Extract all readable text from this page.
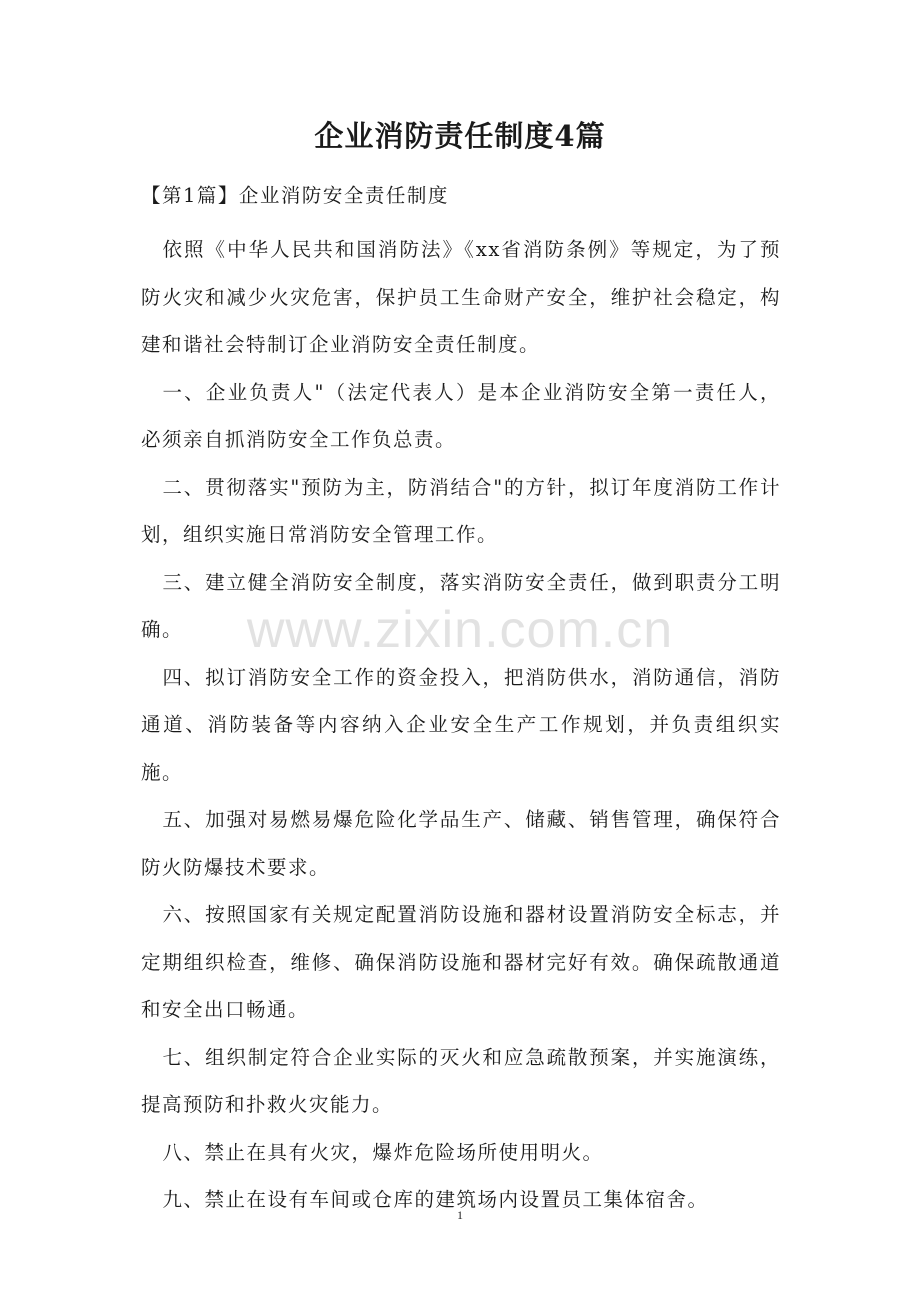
企业消防责任制度4篇

【第1篇】企业消防安全责任制度

依照《中华人民共和国消防法》《xx省消防条例》等规定，为了预防火灾和减少火灾危害，保护员工生命财产安全，维护社会稳定，构建和谐社会特制订企业消防安全责任制度。

一、企业负责人"（法定代表人）是本企业消防安全第一责任人，必须亲自抓消防安全工作负总责。

二、贯彻落实"预防为主，防消结合"的方针，拟订年度消防工作计划，组织实施日常消防安全管理工作。

三、建立健全消防安全制度，落实消防安全责任，做到职责分工明确。

四、拟订消防安全工作的资金投入，把消防供水，消防通信，消防通道、消防装备等内容纳入企业安全生产工作规划，并负责组织实施。

五、加强对易燃易爆危险化学品生产、储藏、销售管理，确保符合防火防爆技术要求。

六、按照国家有关规定配置消防设施和器材设置消防安全标志，并定期组织检查，维修、确保消防设施和器材完好有效。确保疏散通道和安全出口畅通。

七、组织制定符合企业实际的灭火和应急疏散预案，并实施演练，提高预防和扑救火灾能力。

八、禁止在具有火灾，爆炸危险场所使用明火。

九、禁止在设有车间或仓库的建筑场内设置员工集体宿舍。

www.zixin.com.cn
1
